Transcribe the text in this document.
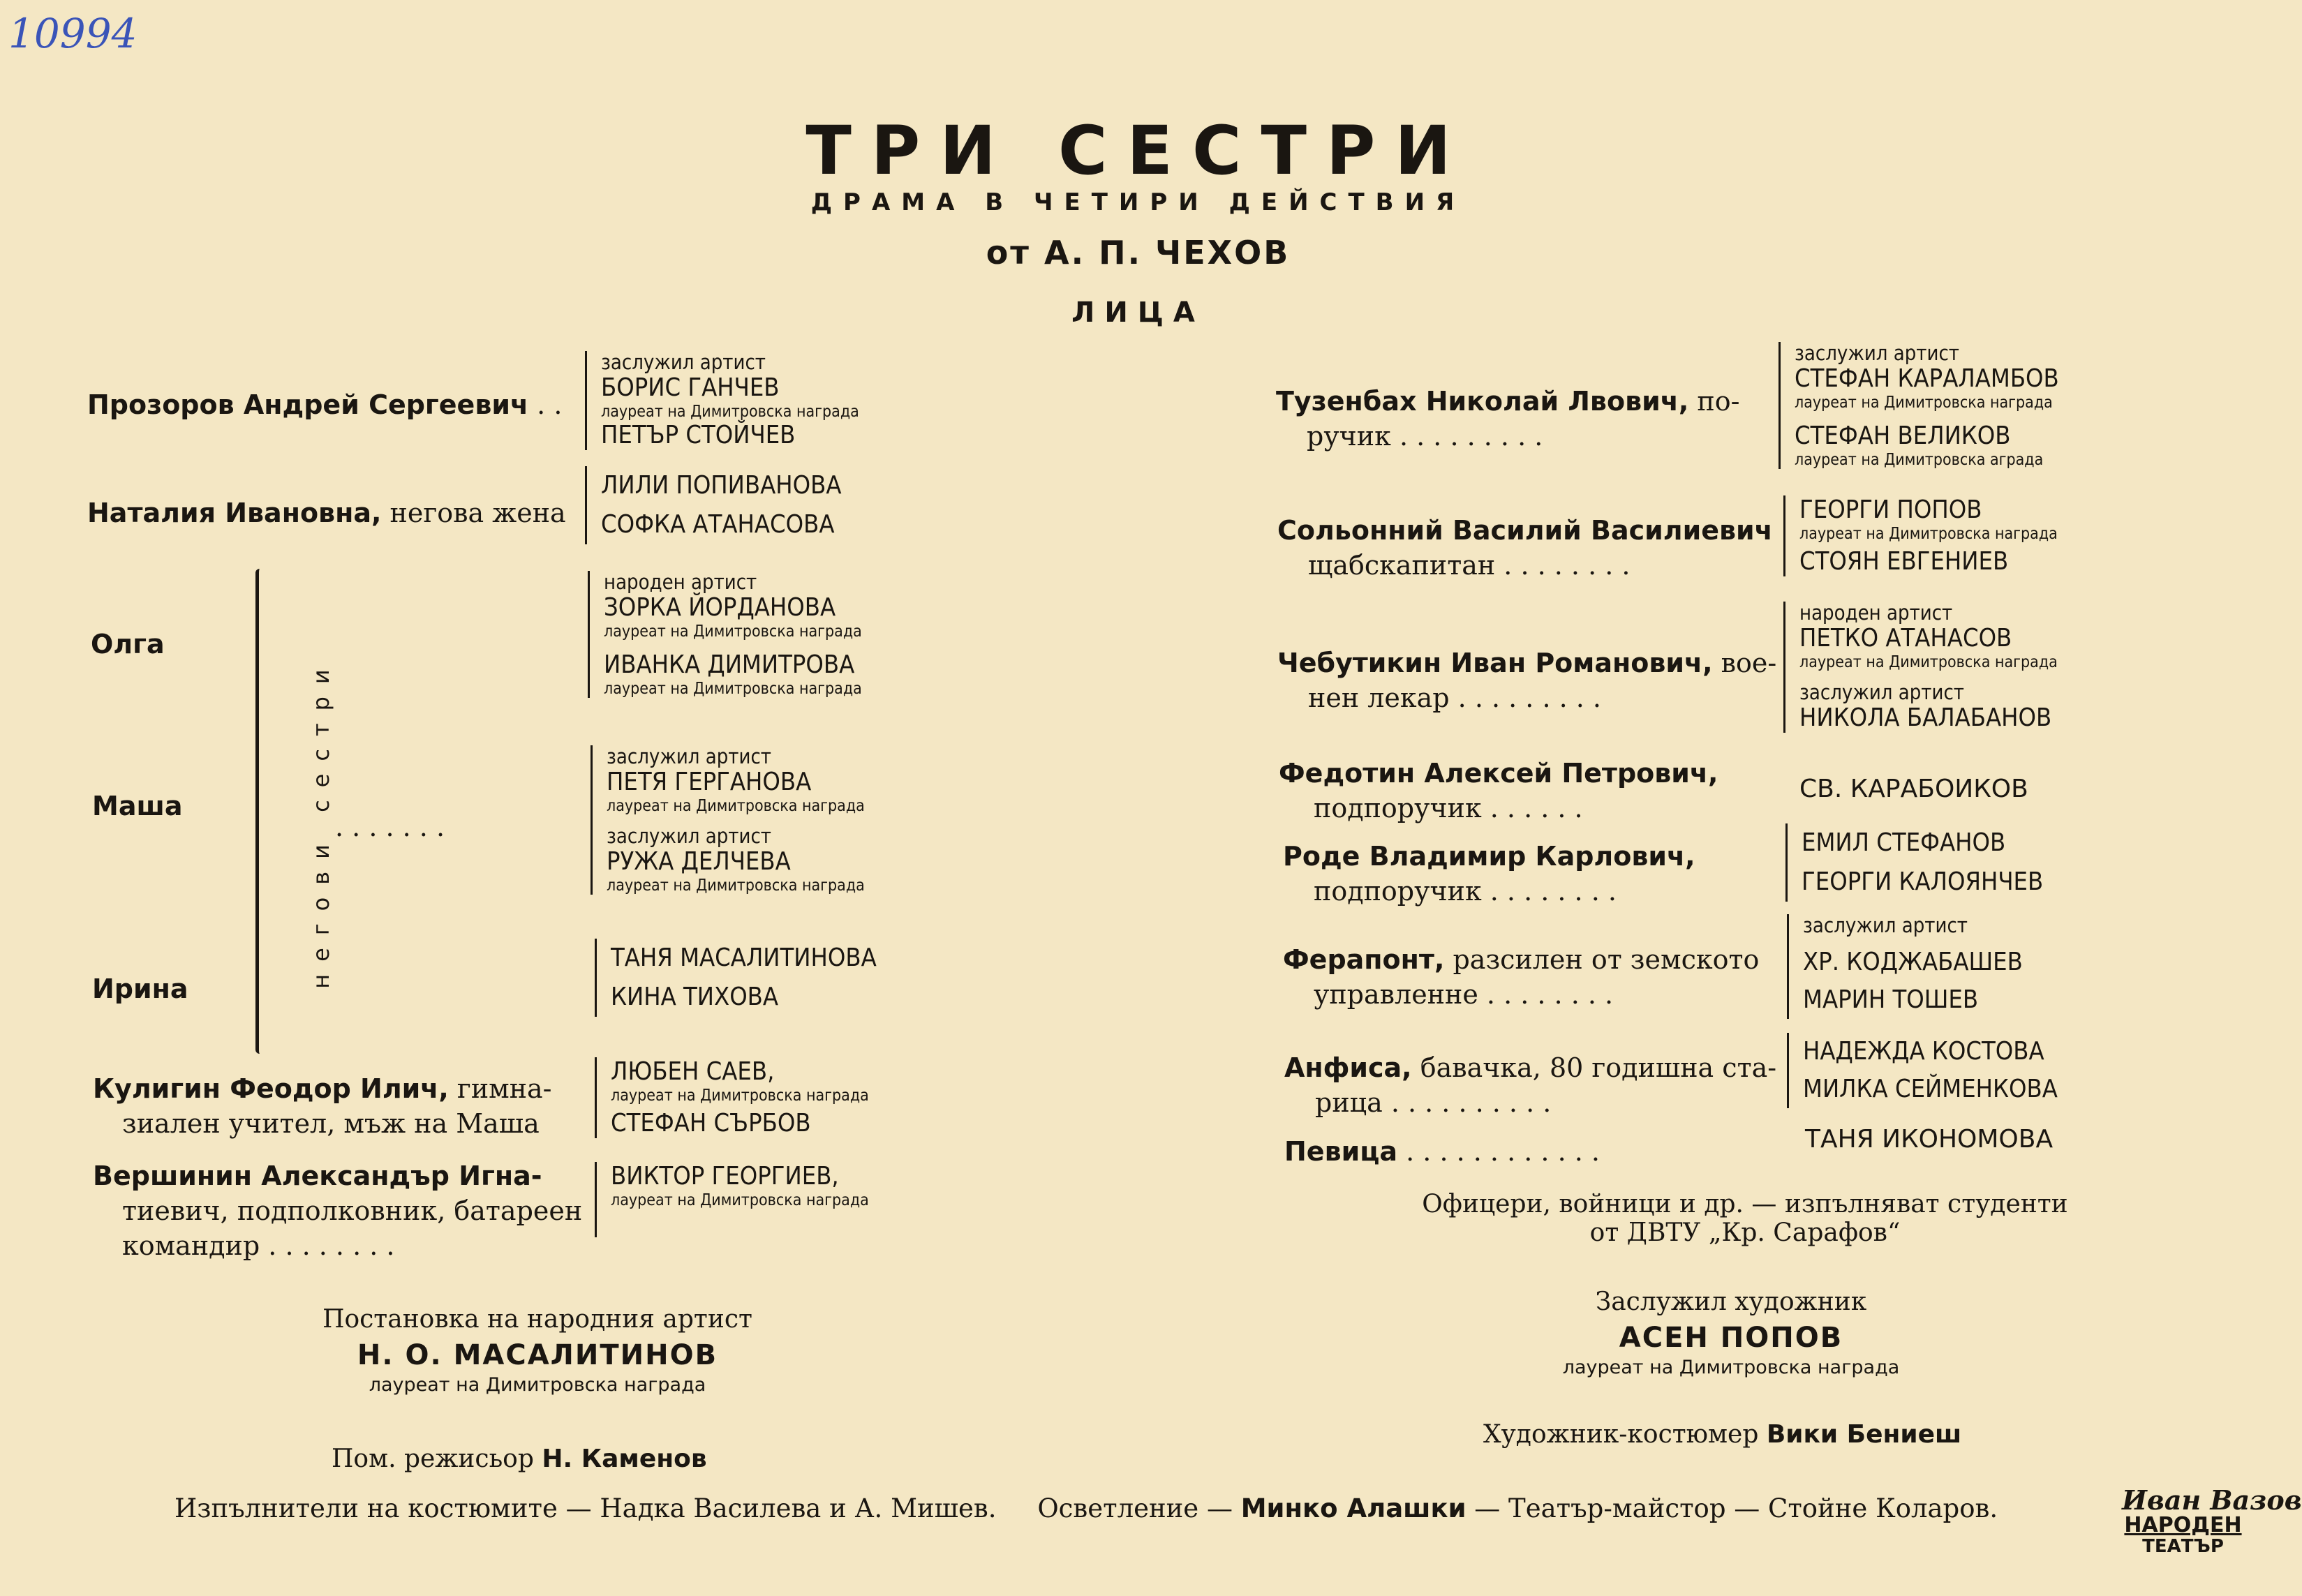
10994
ТРИ СЕСТРИ
ДРАМА В ЧЕТИРИ ДЕЙСТВИЯ
от А. П. ЧЕХОВ
ЛИЦА
Прозоров Андрей Сергеевич . .
заслужил артист
БОРИС ГАНЧЕВ
лауреат на Димитровска награда
ПЕТЪР СТОЙЧЕВ
Наталия Ивановна, негова жена
ЛИЛИ ПОПИВАНОВА
СОФКА АТАНАСОВА
негови сестри
Олга
народен артист
ЗОРКА ЙОРДАНОВА
лауреат на Димитровска награда
ИВАНКА ДИМИТРОВА
лауреат на Димитровска награда
Маша
. . . . . . .
заслужил артист
ПЕТЯ ГЕРГАНОВА
лауреат на Димитровска награда
заслужил артист
РУЖА ДЕЛЧЕВА
лауреат на Димитровска награда
Ирина
ТАНЯ МАСАЛИТИНОВА
КИНА ТИХОВА
Кулигин Феодор Илич, гимна-
зиален учител, мъж на Маша
ЛЮБЕН САЕВ,
лауреат на Димитровска награда
СТЕФАН СЪРБОВ
Вершинин Александър Игна-
тиевич, подполковник, батареен
командир . . . . . . . .
ВИКТОР ГЕОРГИЕВ,
лауреат на Димитровска награда
Тузенбах Николай Лвович, по-
ручик . . . . . . . . .
заслужил артист
СТЕФАН КАРАЛАМБОВ
лауреат на Димитровска награда
СТЕФАН ВЕЛИКОВ
лауреат на Димитровска агрaда
Сольонний Василий Василиевич
щабскапитан . . . . . . . .
ГЕОРГИ ПОПОВ
лауреат на Димитровска награда
СТОЯН ЕВГЕНИЕВ
Чебутикин Иван Романович, вое-
нен лекар . . . . . . . . .
народен артист
ПЕТКО АТАНАСОВ
лауреат на Димитровска награда
заслужил артист
НИКОЛА БАЛАБАНОВ
Федотин Алексей Петрович,
подпоручик . . . . . .
СВ. КАРАБОИКОВ
Роде Владимир Карлович,
подпоручик . . . . . . . .
ЕМИЛ СТЕФАНОВ
ГЕОРГИ КАЛОЯНЧЕВ
Ферапонт, разсилен от земското
управленне . . . . . . . .
заслужил артист
ХР. КОДЖАБАШЕВ
МАРИН ТОШЕВ
Анфиса, бавачка, 80 годишна ста-
рица . . . . . . . . . .
НАДЕЖДА КОСТОВА
МИЛКА СЕЙМЕНКОВА
Певица . . . . . . . . . . . .	ТАНЯ ИКОНОМОВА
Офицери, войници и др. — изпълняват студенти
от ДВТУ „Кр. Сарафов“
Постановка на народния артист
Н. О. МАСАЛИТИНОВ
лауреат на Димитровска награда
Заслужил художник
АСЕН ПОПОВ
лауреат на Димитровска награда
Пом. режисьор Н. Каменов
Художник-костюмер Вики Бениеш
Изпълнители на костюмите — Надка Василева и А. Мишев. Осветление — Минко Алашки — Театър-майстор — Стойне Коларов.	Иван Вазов
НАРОДЕН
ТЕАТЪР
